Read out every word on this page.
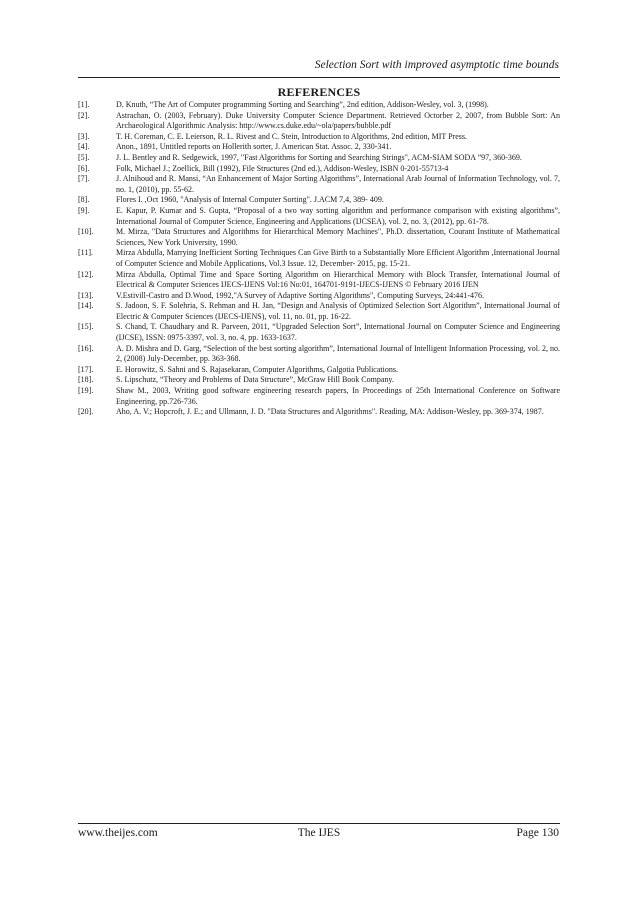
Selection Sort with improved asymptotic time bounds
REFERENCES
[1].	D. Knuth, “The Art of Computer programming Sorting and Searching”, 2nd edition, Addison-Wesley, vol. 3, (1998).
[2].	Astrachan, O. (2003, February). Duke University Computer Science Department. Retrieved Octorber 2, 2007, from Bubble Sort: An Archaeological Algorithmic Analysis: http://www.cs.duke.edu/~ola/papers/bubble.pdf
[3].	T. H. Coreman, C. E. Leierson, R. L. Rivest and C. Stein, Introduction to Algorithms, 2nd edition, MIT Press.
[4].	Anon., 1891, Untitled reports on Hollerith sorter, J. American Stat. Assoc. 2, 330-341.
[5].	J. L. Bentley and R. Sedgewick, 1997, "Fast Algorithms for Sorting and Searching Strings", ACM-SIAM SODA ”97, 360-369.
[6].	Folk, Michael J.; Zoellick, Bill (1992), File Structures (2nd ed.), Addison-Wesley, ISBN 0-201-55713-4
[7].	J. Alnihoud and R. Mansi, “An Enhancement of Major Sorting Algorithms”, International Arab Journal of Information Technology, vol. 7, no. 1, (2010), pp. 55-62.
[8].	Flores I. ,Oct 1960, "Analysis of Internal Computer Sorting". J.ACM 7,4, 389- 409.
[9].	E. Kapur, P. Kumar and S. Gupta, “Proposal of a two way sorting algorithm and performance comparison with existing algorithms”, International Journal of Computer Science, Engineering and Applications (IJCSEA), vol. 2, no. 3, (2012), pp. 61-78.
[10].	M. Mirza, "Data Structures and Algorithms for Hierarchical Memory Machines", Ph.D. dissertation, Courant Institute of Mathematical Sciences, New York University, 1990.
[11].	Mirza Abdulla, Marrying Inefficient Sorting Techniques Can Give Birth to a Substantially More Efficient Algorithm ,International Journal of Computer Science and Mobile Applications, Vol.3 Issue. 12, December- 2015, pg. 15-21.
[12].	Mirza Abdulla, Optimal Time and Space Sorting Algorithm on Hierarchical Memory with Block Transfer, International Journal of Electrical & Computer Sciences IJECS-IJENS Vol:16 No:01, 164701-9191-IJECS-IJENS © February 2016 IJEN
[13].	V.Estivill-Castro and D.Wood, 1992,"A Survey of Adaptive Sorting Algorithms", Computing Surveys, 24:441-476.
[14].	S. Jadoon, S. F. Solehria, S. Rehman and H. Jan, “Design and Analysis of Optimized Selection Sort Algorithm”, International Journal of Electric & Computer Sciences (IJECS-IJENS), vol. 11, no. 01, pp. 16-22.
[15].	S. Chand, T. Chaudhary and R. Parveen, 2011, “Upgraded Selection Sort”, International Journal on Computer Science and Engineering (IJCSE), ISSN: 0975-3397, vol. 3, no. 4, pp. 1633-1637.
[16].	A. D. Mishra and D. Garg, “Selection of the best sorting algorithm”, International Journal of Intelligent Information Processing, vol. 2, no. 2, (2008) July-December, pp. 363-368.
[17].	E. Horowitz, S. Sahni and S. Rajasekaran, Computer Algorithms, Galgotia Publications.
[18].	S. Lipschutz, “Theory and Problems of Data Structure”, McGraw Hill Book Company.
[19].	Shaw M., 2003, Writing good software engineering research papers, In Proceedings of 25th International Conference on Software Engineering, pp.726-736.
[20].	Aho, A. V.; Hopcroft, J. E.; and Ullmann, J. D. "Data Structures and Algorithms". Reading, MA: Addison-Wesley, pp. 369-374, 1987.
www.theijes.com	The IJES	Page 130
